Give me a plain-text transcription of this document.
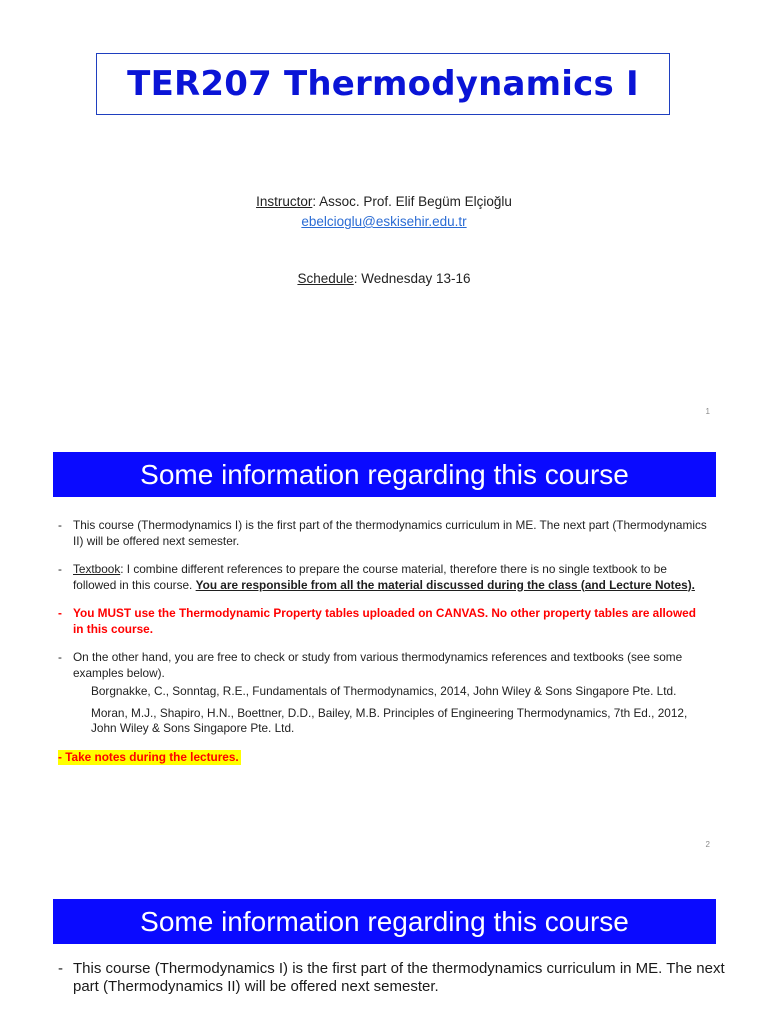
TER207 Thermodynamics I
Instructor: Assoc. Prof. Elif Begüm Elçioğlu
ebelcioglu@eskisehir.edu.tr
Schedule: Wednesday 13-16
1
Some information regarding this course
- This course (Thermodynamics I) is the first part of the thermodynamics curriculum in ME. The next part (Thermodynamics II) will be offered next semester.
- Textbook: I combine different references to prepare the course material, therefore there is no single textbook to be followed in this course. You are responsible from all the material discussed during the class (and Lecture Notes).
- You MUST use the Thermodynamic Property tables uploaded on CANVAS. No other property tables are allowed in this course.
- On the other hand, you are free to check or study from various thermodynamics references and textbooks (see some examples below).
Borgnakke, C., Sonntag, R.E., Fundamentals of Thermodynamics, 2014, John Wiley & Sons Singapore Pte. Ltd.
Moran, M.J., Shapiro, H.N., Boettner, D.D., Bailey, M.B. Principles of Engineering Thermodynamics, 7th Ed., 2012, John Wiley & Sons Singapore Pte. Ltd.
- Take notes during the lectures.
2
Some information regarding this course
- This course (Thermodynamics I) is the first part of the thermodynamics curriculum in ME. The next part (Thermodynamics II) will be offered next semester.
